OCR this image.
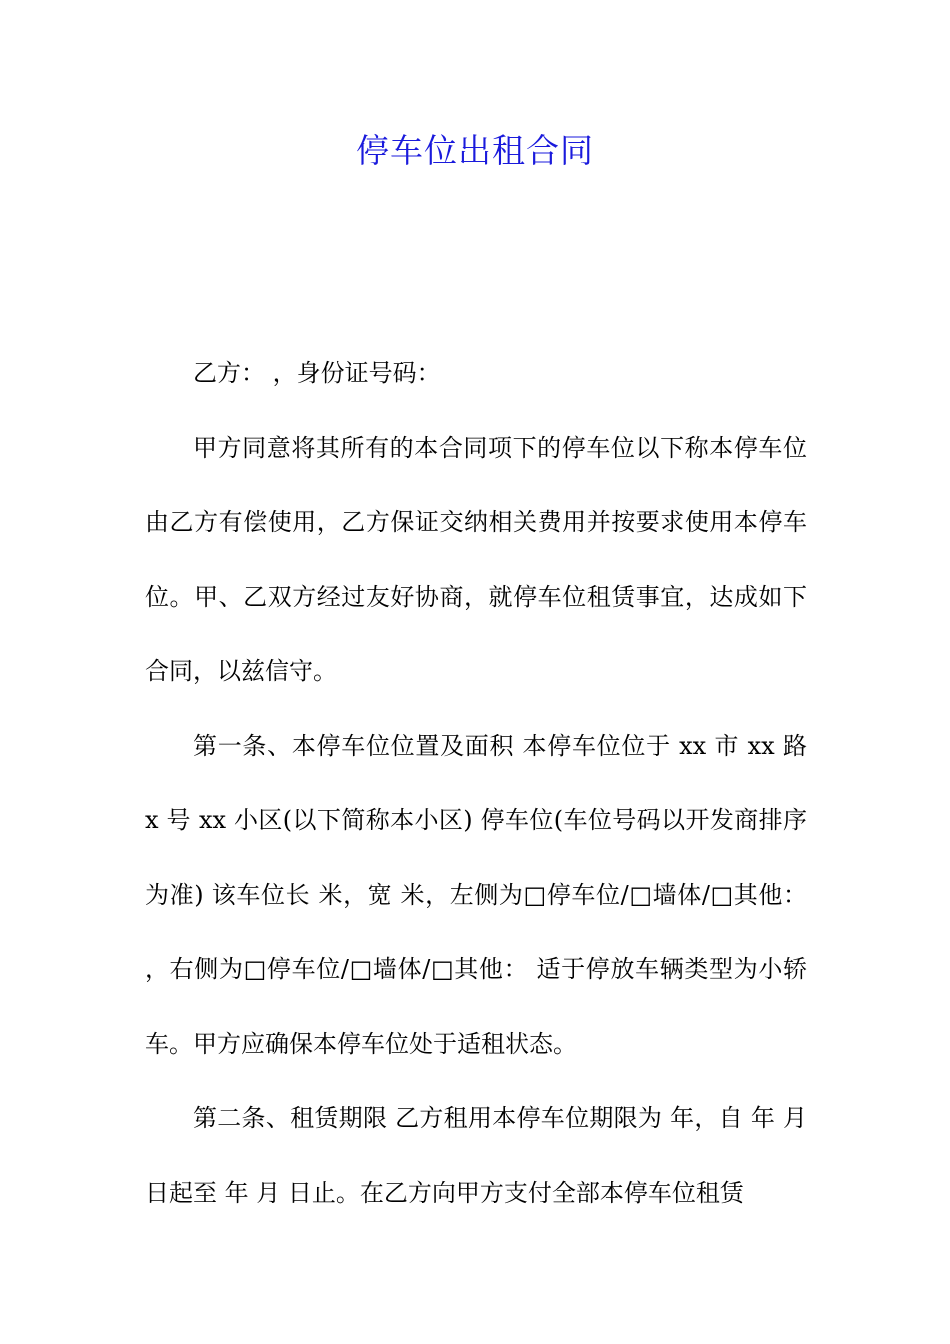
停车位出租合同

乙方： ，身份证号码：

甲方同意将其所有的本合同项下的停车位以下称本停车位由乙方有偿使用，乙方保证交纳相关费用并按要求使用本停车位。甲、乙双方经过友好协商，就停车位租赁事宜，达成如下合同，以兹信守。

第一条、本停车位位置及面积 本停车位位于 xx 市 xx 路 x 号 xx 小区(以下简称本小区) 停车位(车位号码以开发商排序为准) 该车位长 米，宽 米，左侧为□停车位/□墙体/□其他： ，右侧为□停车位/□墙体/□其他： 适于停放车辆类型为小轿车。甲方应确保本停车位处于适租状态。

第二条、租赁期限 乙方租用本停车位期限为 年，自 年 月 日起至 年 月 日止。在乙方向甲方支付全部本停车位租赁
